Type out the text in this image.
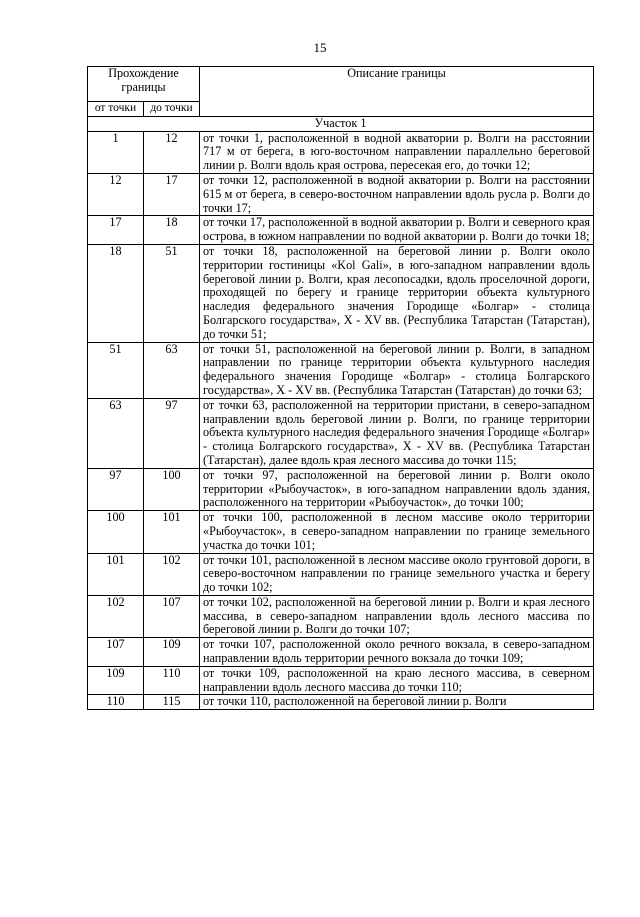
15
Прохождение границы		Описание границы
от точки	до точки	
Участок 1		
1	12	от точки 1, расположенной в водной акватории р. Волги на расстоянии 717 м от берега, в юго-восточном направлении параллельно береговой линии р. Волги вдоль края острова, пересекая его, до точки 12;
12	17	от точки 12, расположенной в водной акватории р. Волги на расстоянии 615 м от берега, в северо-восточном направлении вдоль русла р. Волги до точки 17;
17	18	от точки 17, расположенной в водной акватории р. Волги и северного края острова, в южном направлении по водной акватории р. Волги до точки 18;
18	51	от точки 18, расположенной на береговой линии р. Волги около территории гостиницы «Kol Gali», в юго-западном направлении вдоль береговой линии р. Волги, края лесопосадки, вдоль проселочной дороги, проходящей по берегу и границе территории объекта культурного наследия федерального значения Городище «Болгар» - столица Болгарского государства», X - XV вв. (Республика Татарстан (Татарстан), до точки 51;
51	63	от точки 51, расположенной на береговой линии р. Волги, в западном направлении по границе территории объекта культурного наследия федерального значения Городище «Болгар» - столица Болгарского государства», X - XV вв. (Республика Татарстан (Татарстан) до точки 63;
63	97	от точки 63, расположенной на территории пристани, в северо-западном направлении вдоль береговой линии р. Волги, по границе территории объекта культурного наследия федерального значения Городище «Болгар» - столица Болгарского государства», X - XV вв. (Республика Татарстан (Татарстан), далее вдоль края лесного массива до точки 115;
97	100	от точки 97, расположенной на береговой линии р. Волги около территории «Рыбоучасток», в юго-западном направлении вдоль здания, расположенного на территории «Рыбоучасток», до точки 100;
100	101	от точки 100, расположенной в лесном массиве около территории «Рыбоучасток», в северо-западном направлении по границе земельного участка до точки 101;
101	102	от точки 101, расположенной в лесном массиве около грунтовой дороги, в северо-восточном направлении по границе земельного участка и берегу до точки 102;
102	107	от точки 102, расположенной на береговой линии р. Волги и края лесного массива, в северо-западном направлении вдоль лесного массива по береговой линии р. Волги до точки 107;
107	109	от точки 107, расположенной около речного вокзала, в северо-западном направлении вдоль территории речного вокзала до точки 109;
109	110	от точки 109, расположенной на краю лесного массива, в северном направлении вдоль лесного массива до точки 110;
110	115	от точки 110, расположенной на береговой линии р. Волги
